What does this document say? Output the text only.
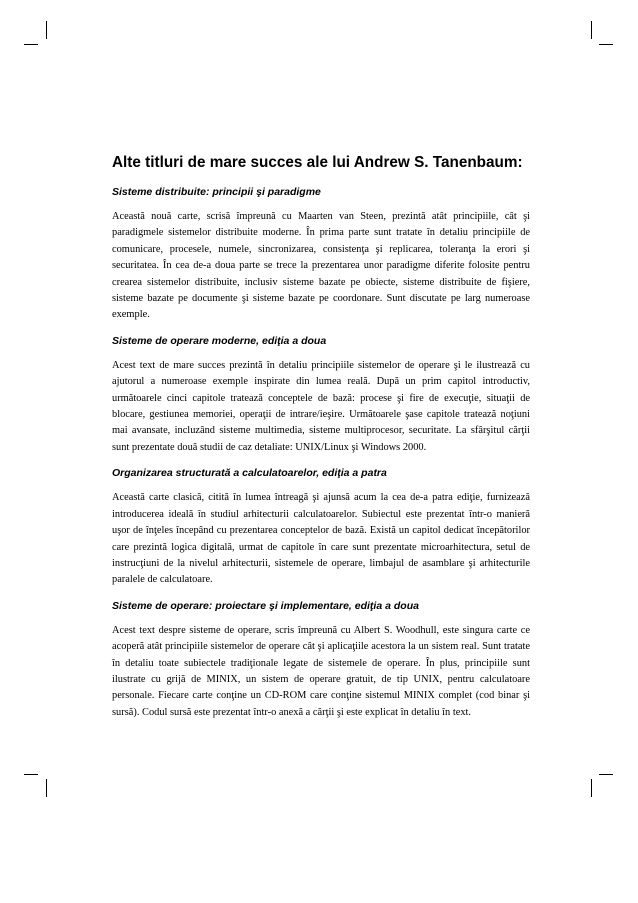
Alte titluri de mare succes ale lui Andrew S. Tanenbaum:
Sisteme distribuite: principii şi paradigme

Această nouă carte, scrisă împreună cu Maarten van Steen, prezintă atât principiile, cât şi paradigmele sistemelor distribuite moderne. În prima parte sunt tratate în detaliu principiile de comunicare, procesele, numele, sincronizarea, consistenţa şi replicarea, toleranţa la erori şi securitatea. În cea de-a doua parte se trece la prezentarea unor paradigme diferite folosite pentru crearea sistemelor distribuite, inclusiv sisteme bazate pe obiecte, sisteme distribuite de fişiere, sisteme bazate pe documente şi sisteme bazate pe coordonare. Sunt discutate pe larg numeroase exemple.

Sisteme de operare moderne, ediţia a doua

Acest text de mare succes prezintă în detaliu principiile sistemelor de operare şi le ilustrează cu ajutorul a numeroase exemple inspirate din lumea reală. După un prim capitol introductiv, următoarele cinci capitole tratează conceptele de bază: procese şi fire de execuţie, situaţii de blocare, gestiunea memoriei, operaţii de intrare/ieşire. Următoarele şase capitole tratează noţiuni mai avansate, incluzând sisteme multimedia, sisteme multiprocesor, securitate. La sfârşitul cărţii sunt prezentate două studii de caz detaliate: UNIX/Linux şi Windows 2000.

Organizarea structurată a calculatoarelor, ediţia a patra

Această carte clasică, citită în lumea întreagă şi ajunsă acum la cea de-a patra ediţie, furnizează introducerea ideală în studiul arhitecturii calculatoarelor. Subiectul este prezentat într-o manieră uşor de înţeles începând cu prezentarea conceptelor de bază. Există un capitol dedicat începătorilor care prezintă logica digitală, urmat de capitole în care sunt prezentate microarhitectura, setul de instrucţiuni de la nivelul arhitecturii, sistemele de operare, limbajul de asamblare şi arhitecturile paralele de calculatoare.

Sisteme de operare: proiectare şi implementare, ediţia a doua

Acest text despre sisteme de operare, scris împreună cu Albert S. Woodhull, este singura carte ce acoperă atât principiile sistemelor de operare cât şi aplicaţiile acestora la un sistem real. Sunt tratate în detaliu toate subiectele tradiţionale legate de sistemele de operare. În plus, principiile sunt ilustrate cu grijă de MINIX, un sistem de operare gratuit, de tip UNIX, pentru calculatoare personale. Fiecare carte conţine un CD-ROM care conţine sistemul MINIX complet (cod binar şi sursă). Codul sursă este prezentat într-o anexă a cărţii şi este explicat în detaliu în text.
